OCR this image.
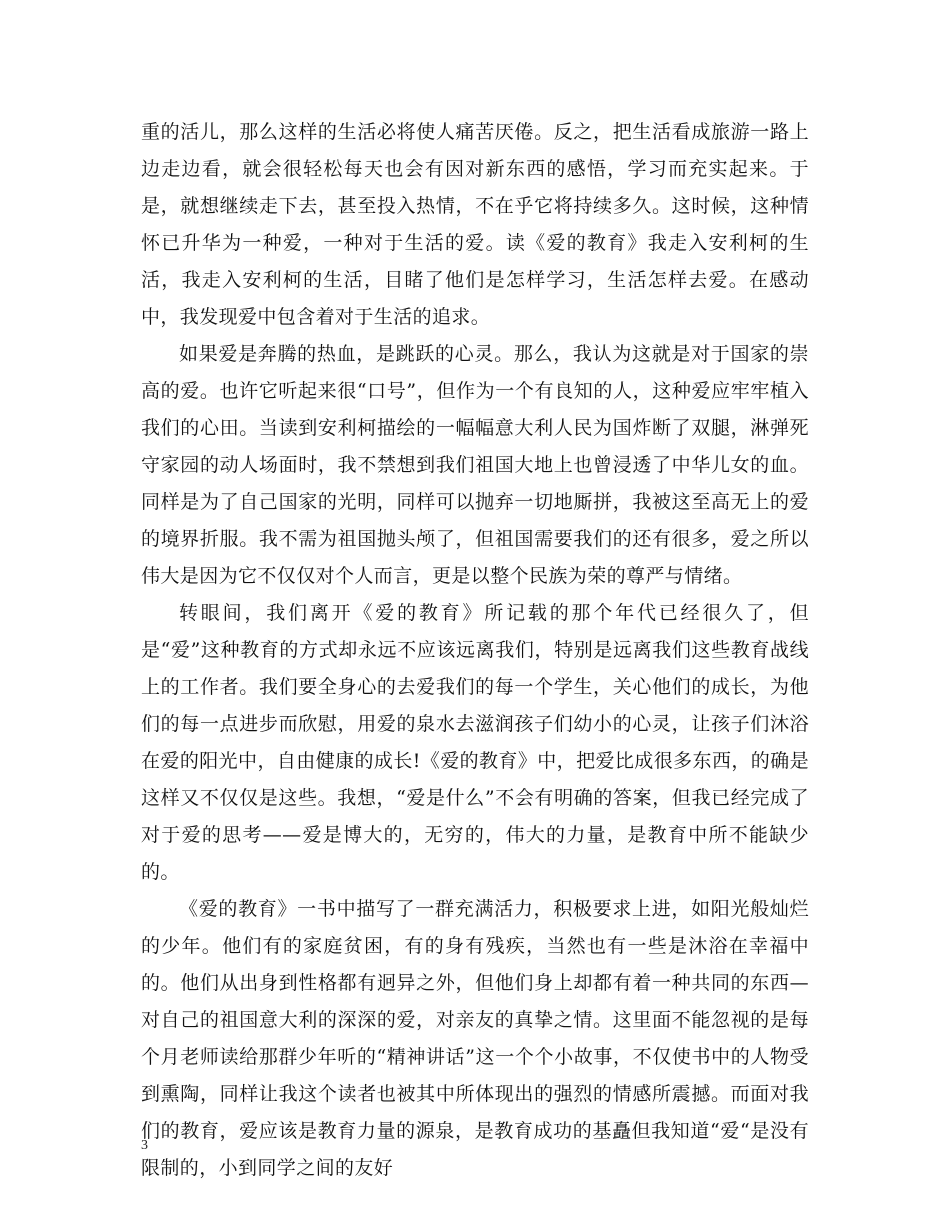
重的活儿，那么这样的生活必将使人痛苦厌倦。反之，把生活看成旅游一路上边走边看，就会很轻松每天也会有因对新东西的感悟，学习而充实起来。于是，就想继续走下去，甚至投入热情，不在乎它将持续多久。这时候，这种情怀已升华为一种爱，一种对于生活的爱。读《爱的教育》我走入安利柯的生活，我走入安利柯的生活，目睹了他们是怎样学习，生活怎样去爱。在感动中，我发现爱中包含着对于生活的追求。

如果爱是奔腾的热血，是跳跃的心灵。那么，我认为这就是对于国家的崇高的爱。也许它听起来很“口号”，但作为一个有良知的人，这种爱应牢牢植入我们的心田。当读到安利柯描绘的一幅幅意大利人民为国炸断了双腿，淋弹死守家园的动人场面时，我不禁想到我们祖国大地上也曾浸透了中华儿女的血。同样是为了自己国家的光明，同样可以抛弃一切地厮拼，我被这至高无上的爱的境界折服。我不需为祖国抛头颅了，但祖国需要我们的还有很多，爱之所以伟大是因为它不仅仅对个人而言，更是以整个民族为荣的尊严与情绪。

转眼间，我们离开《爱的教育》所记载的那个年代已经很久了，但是“爱”这种教育的方式却永远不应该远离我们，特别是远离我们这些教育战线上的工作者。我们要全身心的去爱我们的每一个学生，关心他们的成长，为他们的每一点进步而欣慰，用爱的泉水去滋润孩子们幼小的心灵，让孩子们沐浴在爱的阳光中，自由健康的成长!《爱的教育》中，把爱比成很多东西，的确是这样又不仅仅是这些。我想，“爱是什么”不会有明确的答案，但我已经完成了对于爱的思考——爱是博大的，无穷的，伟大的力量，是教育中所不能缺少的。

《爱的教育》一书中描写了一群充满活力，积极要求上进，如阳光般灿烂的少年。他们有的家庭贫困，有的身有残疾，当然也有一些是沐浴在幸福中的。他们从出身到性格都有迥异之外，但他们身上却都有着一种共同的东西—对自己的祖国意大利的深深的爱，对亲友的真挚之情。这里面不能忽视的是每个月老师读给那群少年听的“精神讲话”这一个个小故事，不仅使书中的人物受到熏陶，同样让我这个读者也被其中所体现出的强烈的情感所震撼。而面对我们的教育，爱应该是教育力量的源泉，是教育成功的基矗但我知道“爱“是没有限制的，小到同学之间的友好

3
